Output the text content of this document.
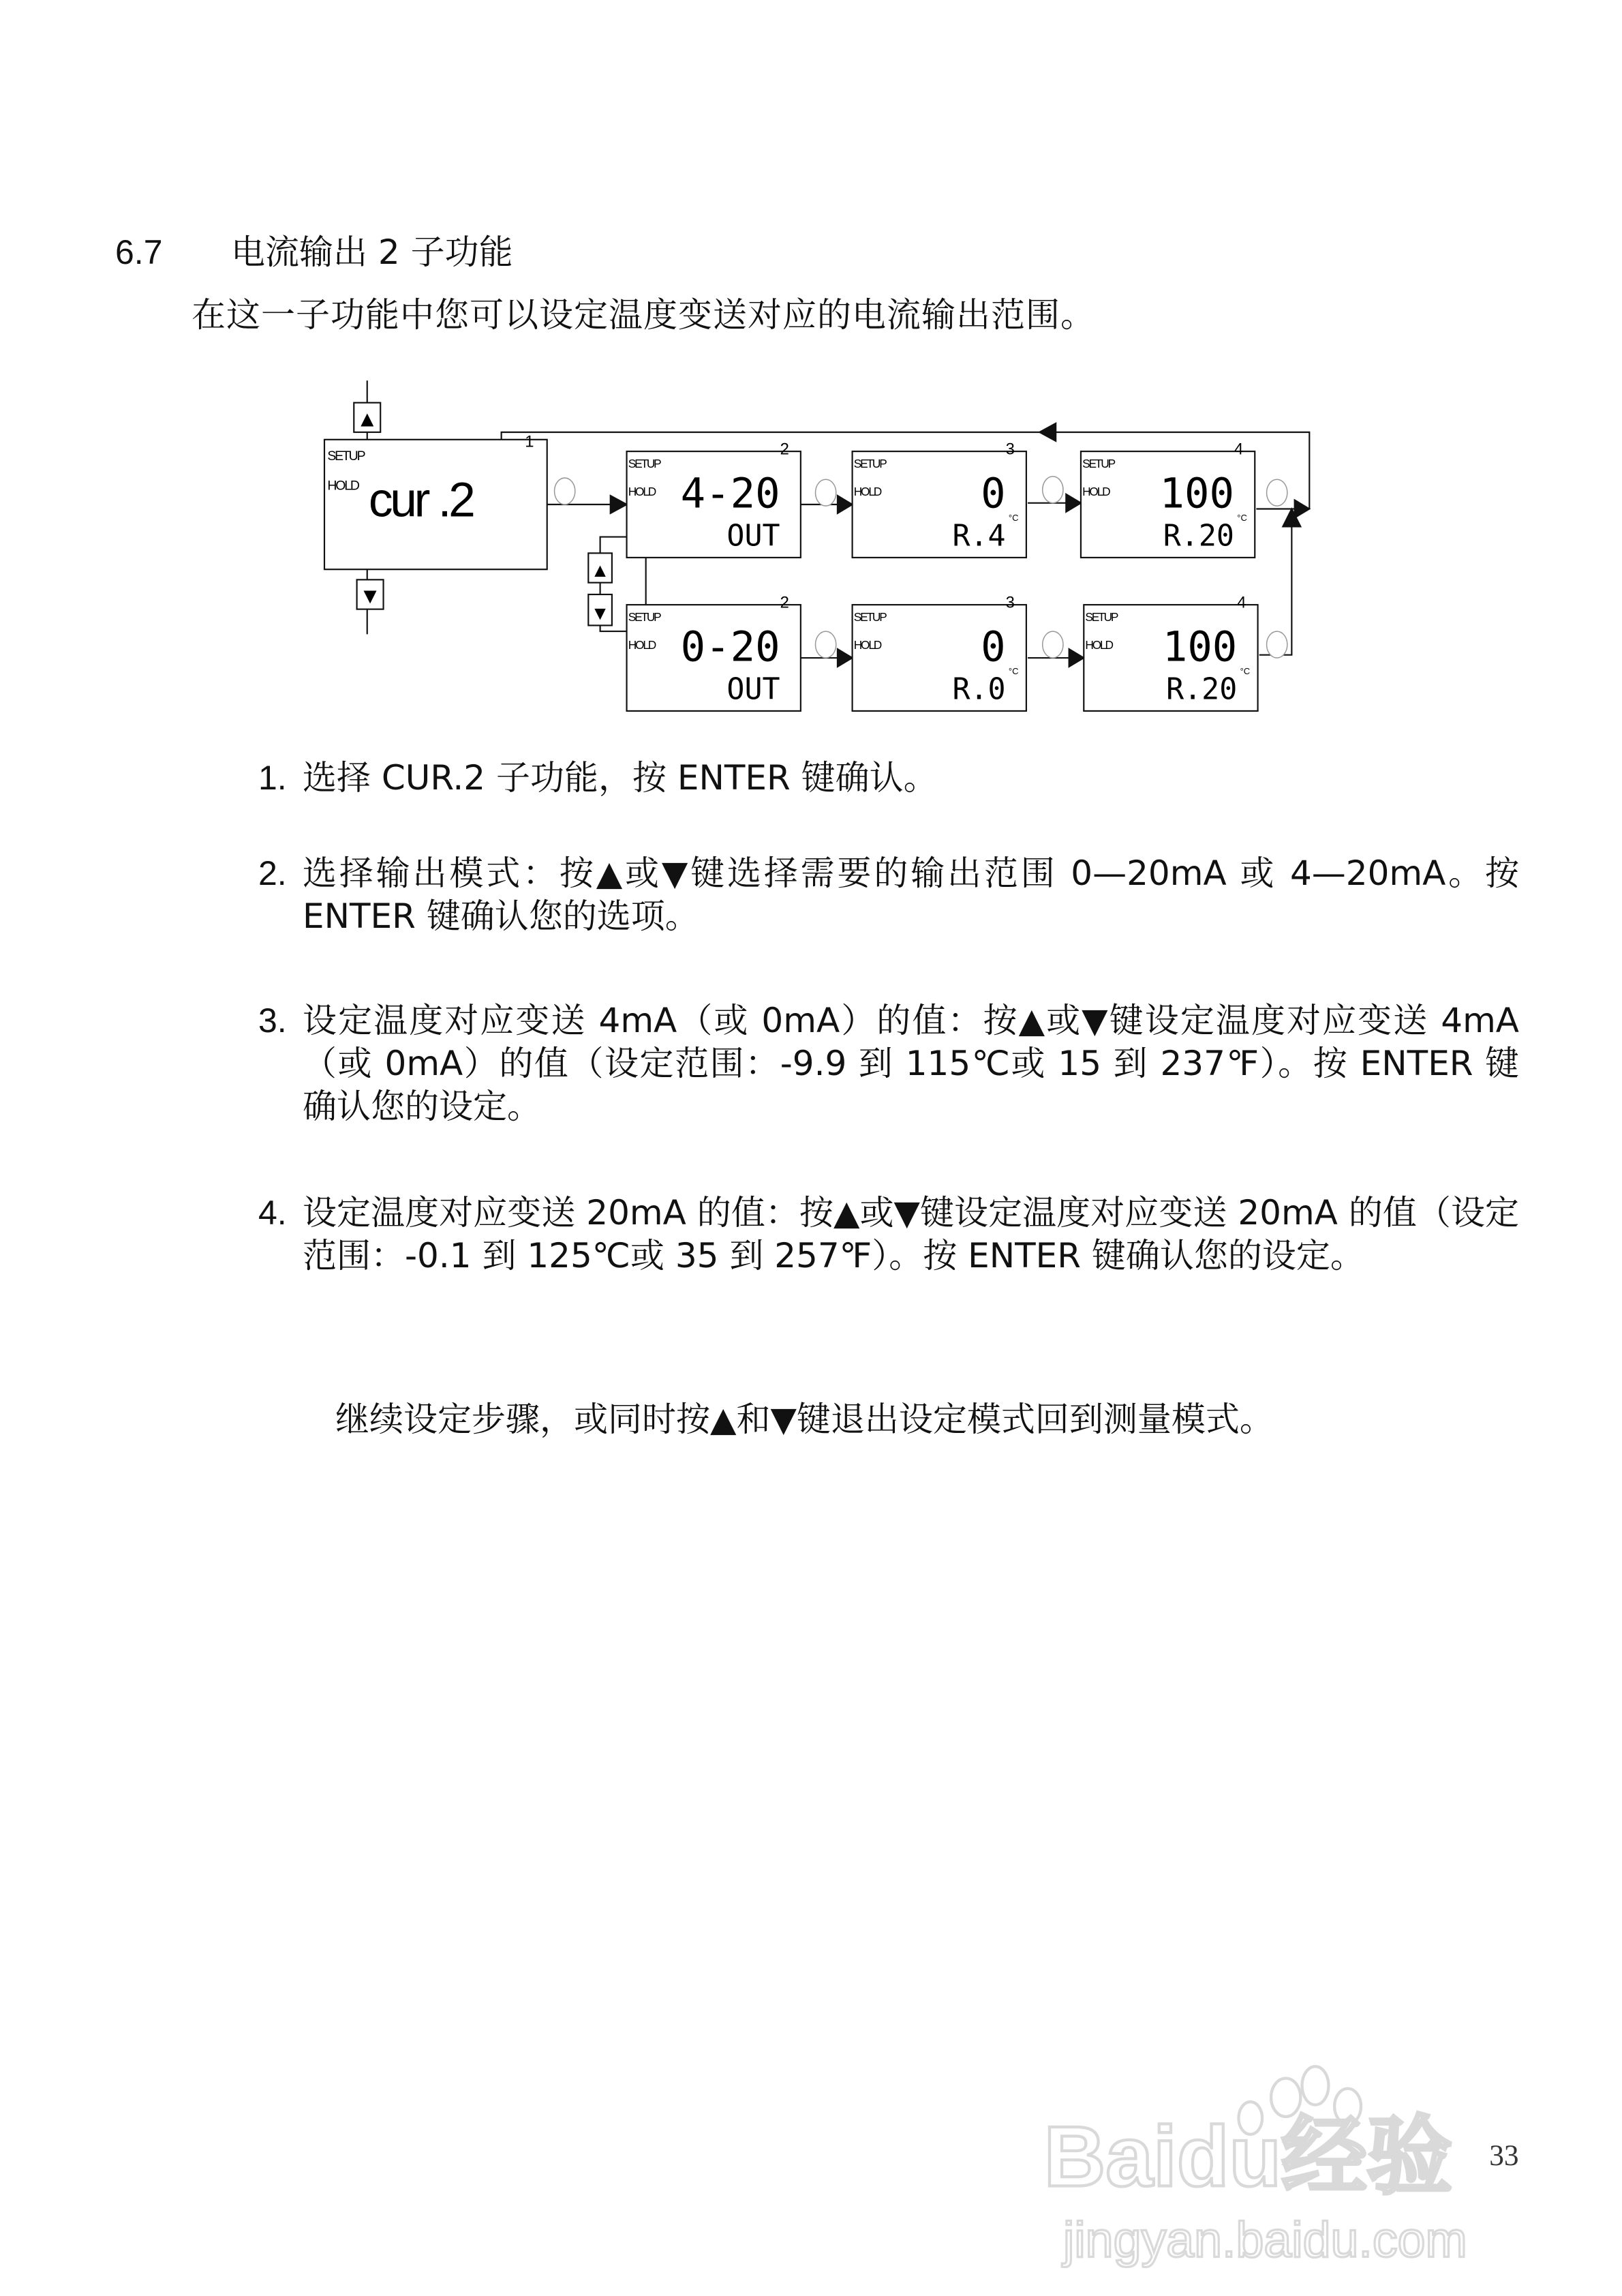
6.7 电流输出 2 子功能
在这一子功能中您可以设定温度变送对应的电流输出范围。
▲
▼
▲
▼
1
SETUP
HOLD cur .2
2
SETUP
HOLD 4-20
OUT
3
SETUP
HOLD	0
R.4
°C
4
SETUP
HOLD	100
R.20
°C
2
SETUP
HOLD 0-20
OUT
3
SETUP
HOLD	0
R.0
°C
4
SETUP
HOLD	100
R.20
°C
Baidu经验
jingyan.baidu.com
33
1. 选择 CUR.2 子功能，按 ENTER 键确认。
2. 选择输出模式：按▲或▼键选择需要的输出范围 0—20mA 或 4—20mA。按 ENTER 键确认您的选项。
3. 设定温度对应变送 4mA（或 0mA）的值：按▲或▼键设定温度对应变送 4mA（或 0mA）的值（设定范围：-9.9 到 115℃或 15 到 237℉）。按 ENTER 键确认您的设定。
4. 设定温度对应变送 20mA 的值：按▲或▼键设定温度对应变送 20mA 的值（设定范围：-0.1 到 125℃或 35 到 257℉）。按 ENTER 键确认您的设定。
继续设定步骤，或同时按▲和▼键退出设定模式回到测量模式。
